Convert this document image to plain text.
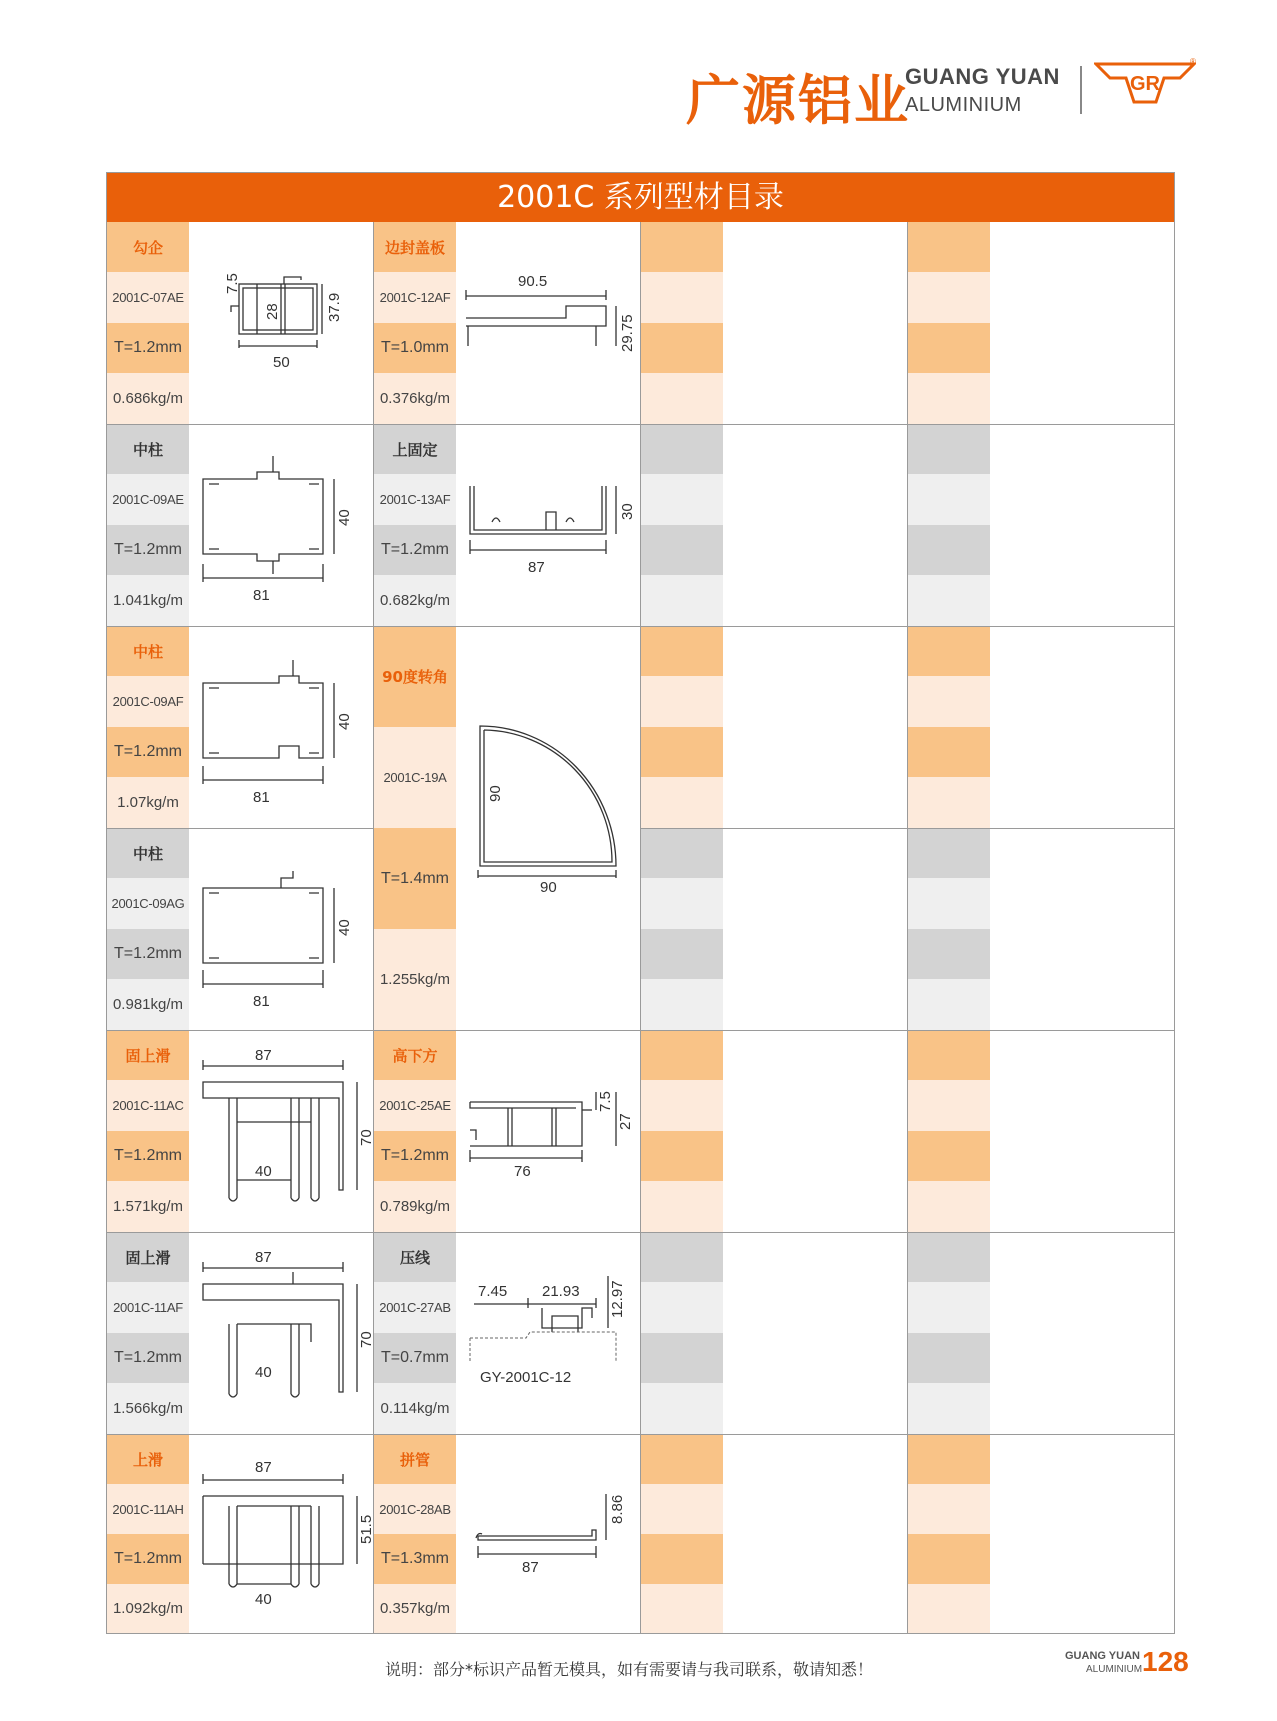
广源铝业
GUANG YUAN
ALUMINIUM
GR
®
2001C 系列型材目录
勾企
2001C-07AE
T=1.2mm
0.686kg/m
中柱
2001C-09AE
T=1.2mm
1.041kg/m
中柱
2001C-09AF
T=1.2mm
1.07kg/m
中柱
2001C-09AG
T=1.2mm
0.981kg/m
固上滑
2001C-11AC
T=1.2mm
1.571kg/m
固上滑
2001C-11AF
T=1.2mm
1.566kg/m
上滑
2001C-11AH
T=1.2mm
1.092kg/m
边封盖板
2001C-12AF
T=1.0mm
0.376kg/m
上固定
2001C-13AF
T=1.2mm
0.682kg/m
90度转角
2001C-19A
T=1.4mm
1.255kg/m
高下方
2001C-25AE
T=1.2mm
0.789kg/m
压线
2001C-27AB
T=0.7mm
0.114kg/m
拼管
2001C-28AB
T=1.3mm
0.357kg/m
50
7.5
28	37.9
81
40
81
40
81
40
87
70
40
87
70
40
87
51.5
40
90.5
29.75
87
30
90
90
76
7.5
27
7.45 21.93 12.97
GY-2001C-12
87
8.86
说明：部分*标识产品暂无模具，如有需要请与我司联系，敬请知悉！
GUANG YUAN
ALUMINIUM 128
